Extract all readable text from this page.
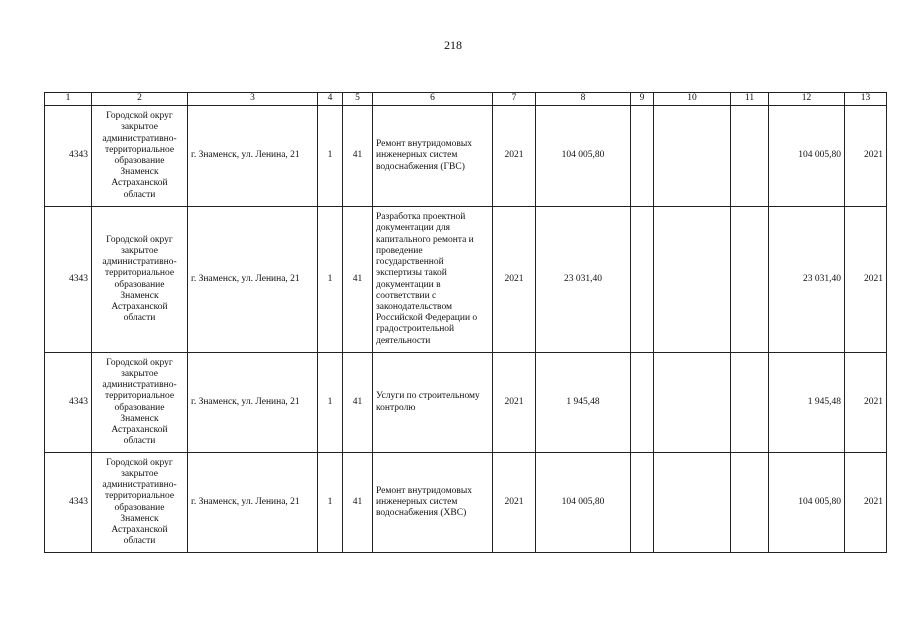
218
1	2	3	4	5	6	7	8	9	10	11	12	13
4343	Городской округ закрытое административно-территориальное образование Знаменск Астраханской области	г. Знаменск, ул. Ленина, 21	1	41	Ремонт внутридомовых инженерных систем водоснабжения (ГВС)	2021	104 005,80				104 005,80	2021
4343	Городской округ закрытое административно-территориальное образование Знаменск Астраханской области	г. Знаменск, ул. Ленина, 21	1	41	Разработка проектной документации для капитального ремонта и проведение государственной экспертизы такой документации в соответствии с законодательством Российской Федерации о градостроительной деятельности	2021	23 031,40				23 031,40	2021
4343	Городской округ закрытое административно-территориальное образование Знаменск Астраханской области	г. Знаменск, ул. Ленина, 21	1	41	Услуги по строительному контролю	2021	1 945,48				1 945,48	2021
4343	Городской округ закрытое административно-территориальное образование Знаменск Астраханской области	г. Знаменск, ул. Ленина, 21	1	41	Ремонт внутридомовых инженерных систем водоснабжения (ХВС)	2021	104 005,80				104 005,80	2021
